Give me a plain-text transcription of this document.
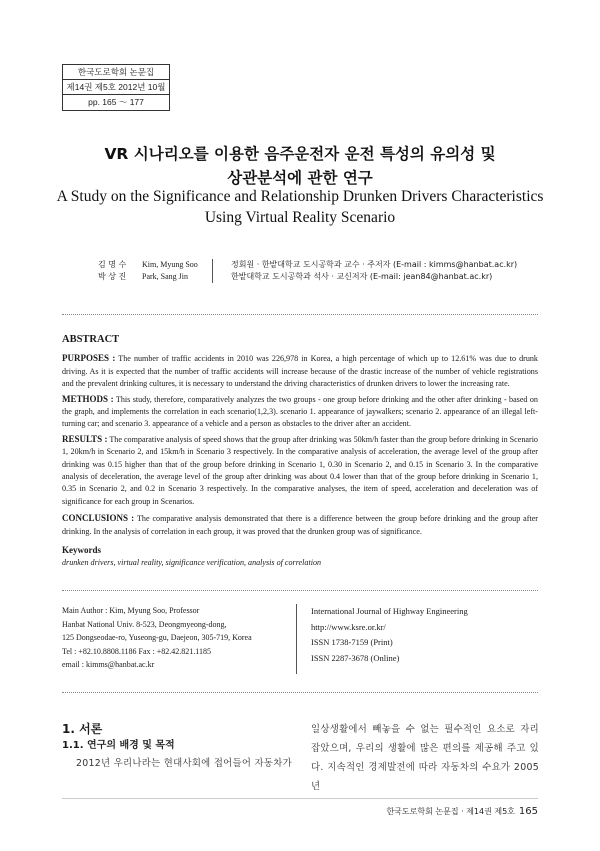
한국도로학회 논문집
제14권 제5호 2012년 10월
pp. 165 ～ 177
VR 시나리오를 이용한 음주운전자 운전 특성의 유의성 및
상관분석에 관한 연구
A Study on the Significance and Relationship Drunken Drivers Characteristics
Using Virtual Reality Scenario
김 명 수	Kim, Myung Soo	정회원 · 한밭대학교 도시공학과 교수 · 주저자 (E-mail : kimms@hanbat.ac.kr)
박 상 진	Park, Sang Jin	한밭대학교 도시공학과 석사 · 교신저자 (E-mail: jean84@hanbat.ac.kr)
ABSTRACT

PURPOSES : The number of traffic accidents in 2010 was 226,978 in Korea, a high percentage of which up to 12.61% was due to drunk driving. As it is expected that the number of traffic accidents will increase because of the drastic increase of the number of vehicle registrations and the prevalent drinking cultures, it is necessary to understand the driving characteristics of drunken drivers to lower the increasing rate.

METHODS : This study, therefore, comparatively analyzes the two groups - one group before drinking and the other after drinking - based on the graph, and implements the correlation in each scenario(1,2,3). scenario 1. appearance of jaywalkers; scenario 2. appearance of an illegal left-turning car; and scenario 3. appearance of a vehicle and a person as obstacles to the driver after an accident.

RESULTS : The comparative analysis of speed shows that the group after drinking was 50km/h faster than the group before drinking in Scenario 1, 20km/h in Scenario 2, and 15km/h in Scenario 3 respectively. In the comparative analysis of acceleration, the average level of the group after drinking was 0.15 higher than that of the group before drinking in Scenario 1, 0.30 in Scenario 2, and 0.15 in Scenario 3. In the comparative analysis of deceleration, the average level of the group after drinking was about 0.4 lower than that of the group before drinking in Scenario 1, 0.35 in Scenario 2, and 0.2 in Scenario 3 respectively. In the comparative analyses, the item of speed, acceleration and deceleration was of significance for each group in Scenarios.

CONCLUSIONS : The comparative analysis demonstrated that there is a difference between the group before drinking and the group after drinking. In the analysis of correlation in each group, it was proved that the drunken group was of significance.

Keywords
drunken drivers, virtual reality, significance verification, analysis of correlation
Main Author : Kim, Myung Soo, Professor
Hanbat National Univ. 8-523, Deongmyeong-dong,
125 Dongseodae-ro, Yuseong-gu, Daejeon, 305-719, Korea
Tel : +82.10.8808.1186 Fax : +82.42.821.1185
email : kimms@hanbat.ac.kr
International Journal of Highway Engineering
http://www.ksre.or.kr/
ISSN 1738-7159 (Print)
ISSN 2287-3678 (Online)
1. 서론
1.1. 연구의 배경 및 목적
2012년 우리나라는 현대사회에 접어들어 자동차가
일상생활에서 빼놓을 수 없는 필수적인 요소로 자리 잡았으며, 우리의 생활에 많은 편의를 제공해 주고 있다. 지속적인 경제발전에 따라 자동차의 수요가 2005년
한국도로학회 논문집 · 제14권 제5호 165
